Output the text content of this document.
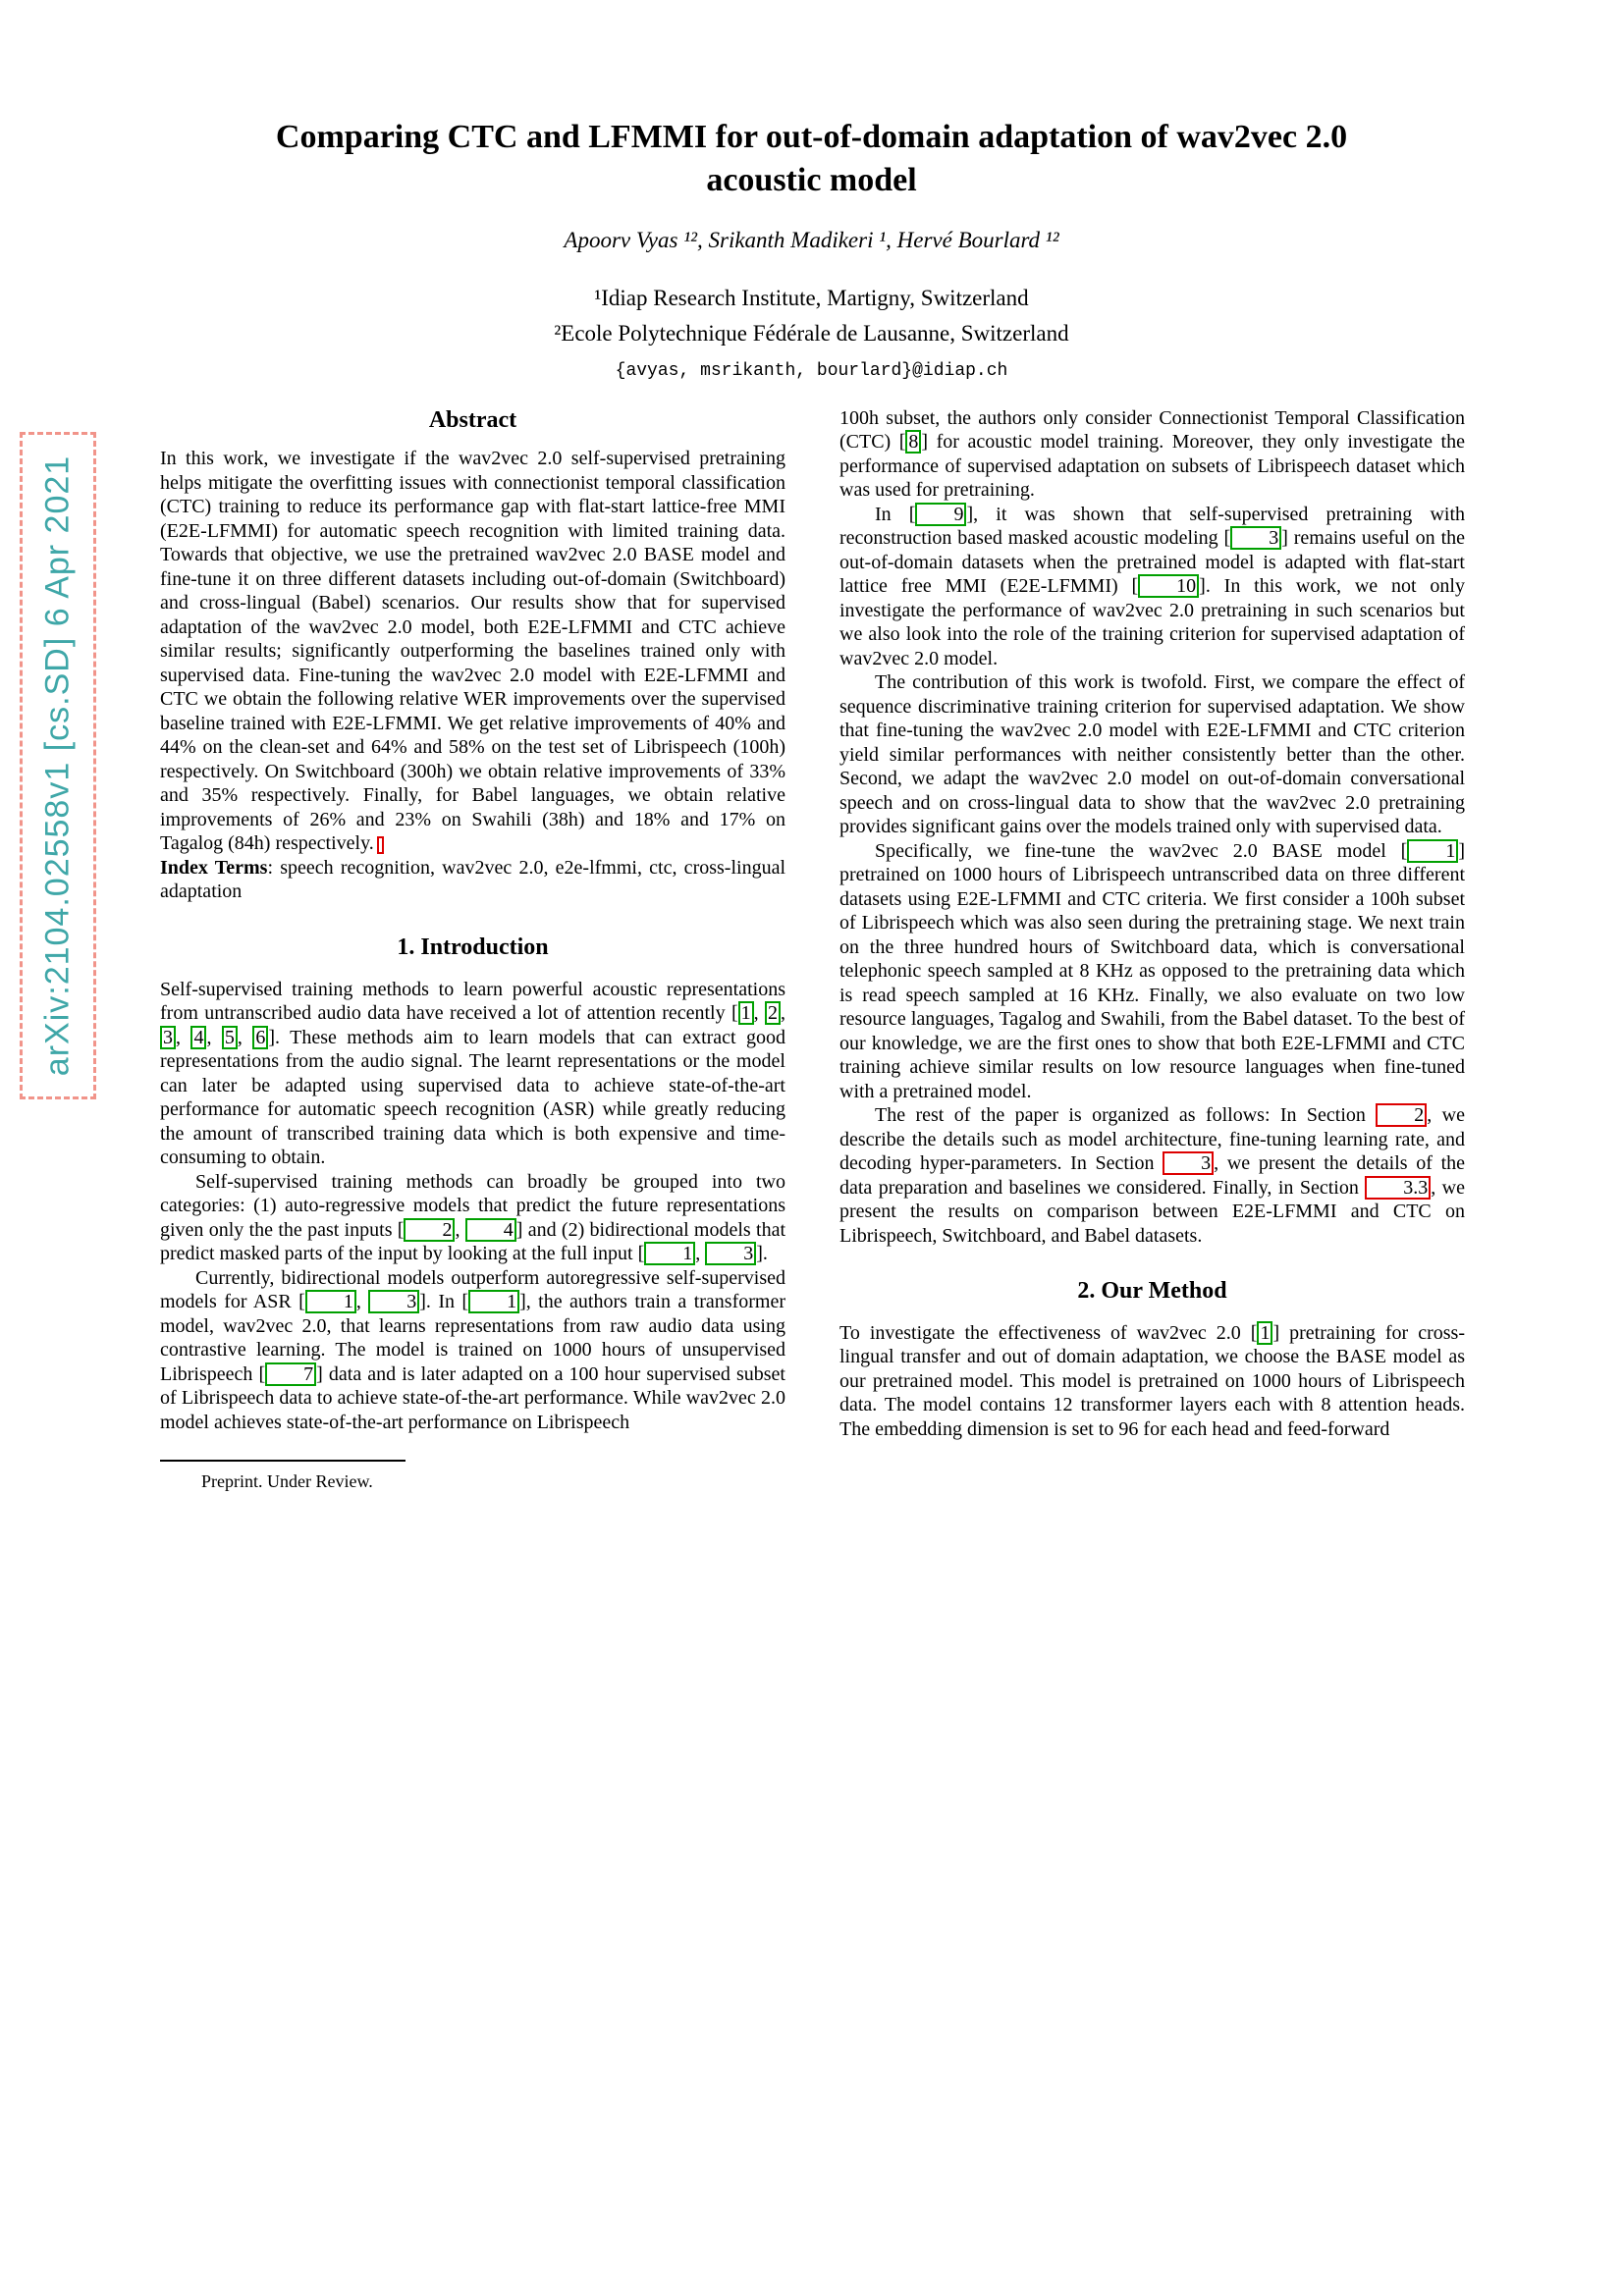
arXiv:2104.02558v1 [cs.SD] 6 Apr 2021
Comparing CTC and LFMMI for out-of-domain adaptation of wav2vec 2.0 acoustic model
Apoorv Vyas ¹², Srikanth Madikeri ¹, Hervé Bourlard ¹²
¹Idiap Research Institute, Martigny, Switzerland
²Ecole Polytechnique Fédérale de Lausanne, Switzerland
{avyas, msrikanth, bourlard}@idiap.ch
Abstract

In this work, we investigate if the wav2vec 2.0 self-supervised pretraining helps mitigate the overfitting issues with connectionist temporal classification (CTC) training to reduce its performance gap with flat-start lattice-free MMI (E2E-LFMMI) for automatic speech recognition with limited training data. Towards that objective, we use the pretrained wav2vec 2.0 BASE model and fine-tune it on three different datasets including out-of-domain (Switchboard) and cross-lingual (Babel) scenarios. Our results show that for supervised adaptation of the wav2vec 2.0 model, both E2E-LFMMI and CTC achieve similar results; significantly outperforming the baselines trained only with supervised data. Fine-tuning the wav2vec 2.0 model with E2E-LFMMI and CTC we obtain the following relative WER improvements over the supervised baseline trained with E2E-LFMMI. We get relative improvements of 40% and 44% on the clean-set and 64% and 58% on the test set of Librispeech (100h) respectively. On Switchboard (300h) we obtain relative improvements of 33% and 35% respectively. Finally, for Babel languages, we obtain relative improvements of 26% and 23% on Swahili (38h) and 18% and 17% on Tagalog (84h) respectively.

Index Terms: speech recognition, wav2vec 2.0, e2e-lfmmi, ctc, cross-lingual adaptation

1. Introduction

Self-supervised training methods to learn powerful acoustic representations from untranscribed audio data have received a lot of attention recently [ 1 , 2 , 3 , 4 , 5 , 6 ]. These methods aim to learn models that can extract good representations from the audio signal. The learnt representations or the model can later be adapted using supervised data to achieve state-of-the-art performance for automatic speech recognition (ASR) while greatly reducing the amount of transcribed training data which is both expensive and time-consuming to obtain.

Self-supervised training methods can broadly be grouped into two categories: (1) auto-regressive models that predict the future representations given only the the past inputs [ 2 , 4 ] and (2) bidirectional models that predict masked parts of the input by looking at the full input [ 1 , 3 ].

Currently, bidirectional models outperform autoregressive self-supervised models for ASR [ 1 , 3 ]. In [ 1 ], the authors train a transformer model, wav2vec 2.0, that learns representations from raw audio data using contrastive learning. The model is trained on 1000 hours of unsupervised Librispeech [ 7 ] data and is later adapted on a 100 hour supervised subset of Librispeech data to achieve state-of-the-art performance. While wav2vec 2.0 model achieves state-of-the-art performance on Librispeech

Preprint. Under Review.

100h subset, the authors only consider Connectionist Temporal Classification (CTC) [ 8 ] for acoustic model training. Moreover, they only investigate the performance of supervised adaptation on subsets of Librispeech dataset which was used for pretraining.

In [ 9 ], it was shown that self-supervised pretraining with reconstruction based masked acoustic modeling [ 3 ] remains useful on the out-of-domain datasets when the pretrained model is adapted with flat-start lattice free MMI (E2E-LFMMI) [ 10 ]. In this work, we not only investigate the performance of wav2vec 2.0 pretraining in such scenarios but we also look into the role of the training criterion for supervised adaptation of wav2vec 2.0 model.

The contribution of this work is twofold. First, we compare the effect of sequence discriminative training criterion for supervised adaptation. We show that fine-tuning the wav2vec 2.0 model with E2E-LFMMI and CTC criterion yield similar performances with neither consistently better than the other. Second, we adapt the wav2vec 2.0 model on out-of-domain conversational speech and on cross-lingual data to show that the wav2vec 2.0 pretraining provides significant gains over the models trained only with supervised data.

Specifically, we fine-tune the wav2vec 2.0 BASE model [ 1 ] pretrained on 1000 hours of Librispeech untranscribed data on three different datasets using E2E-LFMMI and CTC criteria. We first consider a 100h subset of Librispeech which was also seen during the pretraining stage. We next train on the three hundred hours of Switchboard data, which is conversational telephonic speech sampled at 8 KHz as opposed to the pretraining data which is read speech sampled at 16 KHz. Finally, we also evaluate on two low resource languages, Tagalog and Swahili, from the Babel dataset. To the best of our knowledge, we are the first ones to show that both E2E-LFMMI and CTC training achieve similar results on low resource languages when fine-tuned with a pretrained model.

The rest of the paper is organized as follows: In Section 2 , we describe the details such as model architecture, fine-tuning learning rate, and decoding hyper-parameters. In Section 3 , we present the details of the data preparation and baselines we considered. Finally, in Section 3.3 , we present the results on comparison between E2E-LFMMI and CTC on Librispeech, Switchboard, and Babel datasets.

2. Our Method

To investigate the effectiveness of wav2vec 2.0 [ 1 ] pretraining for cross-lingual transfer and out of domain adaptation, we choose the BASE model as our pretrained model. This model is pretrained on 1000 hours of Librispeech data. The model contains 12 transformer layers each with 8 attention heads. The embedding dimension is set to 96 for each head and feed-forward
